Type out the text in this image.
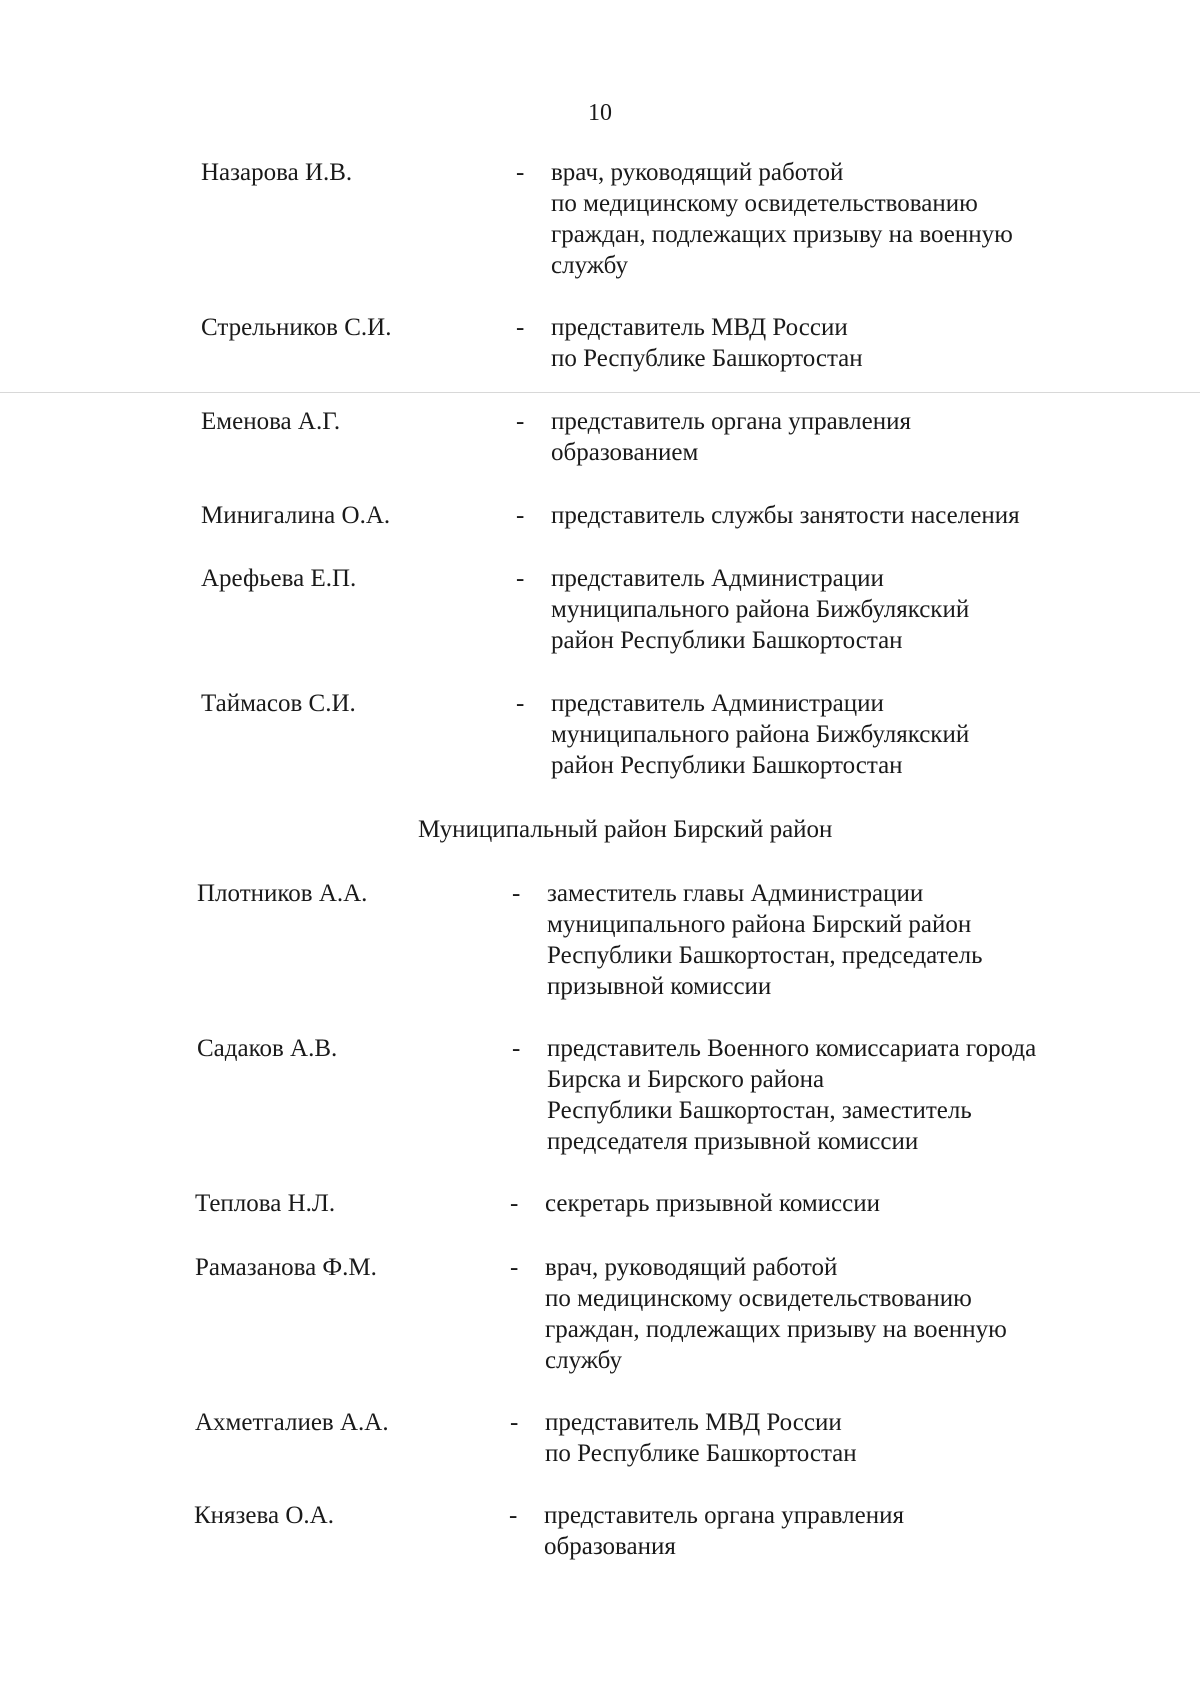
10
Назарова И.В.	- врач, руководящий работой
по медицинскому освидетельствованию
граждан, подлежащих призыву на военную
службу
Стрельников С.И.	- представитель МВД России
по Республике Башкортостан
Еменова А.Г.	- представитель органа управления
образованием
Минигалина О.А.	- представитель службы занятости населения
Арефьева Е.П.	- представитель Администрации
муниципального района Бижбулякский
район Республики Башкортостан
Таймасов С.И.	- представитель Администрации
муниципального района Бижбулякский
район Республики Башкортостан
Муниципальный район Бирский район
Плотников А.А.	- заместитель главы Администрации
муниципального района Бирский район
Республики Башкортостан, председатель
призывной комиссии
Садаков А.В.	- представитель Военного комиссариата города
Бирска и Бирского района
Республики Башкортостан, заместитель
председателя призывной комиссии
Теплова Н.Л.	- секретарь призывной комиссии
Рамазанова Ф.М.	- врач, руководящий работой
по медицинскому освидетельствованию
граждан, подлежащих призыву на военную
службу
Ахметгалиев А.А.	- представитель МВД России
по Республике Башкортостан
Князева О.А.	- представитель органа управления
образования
